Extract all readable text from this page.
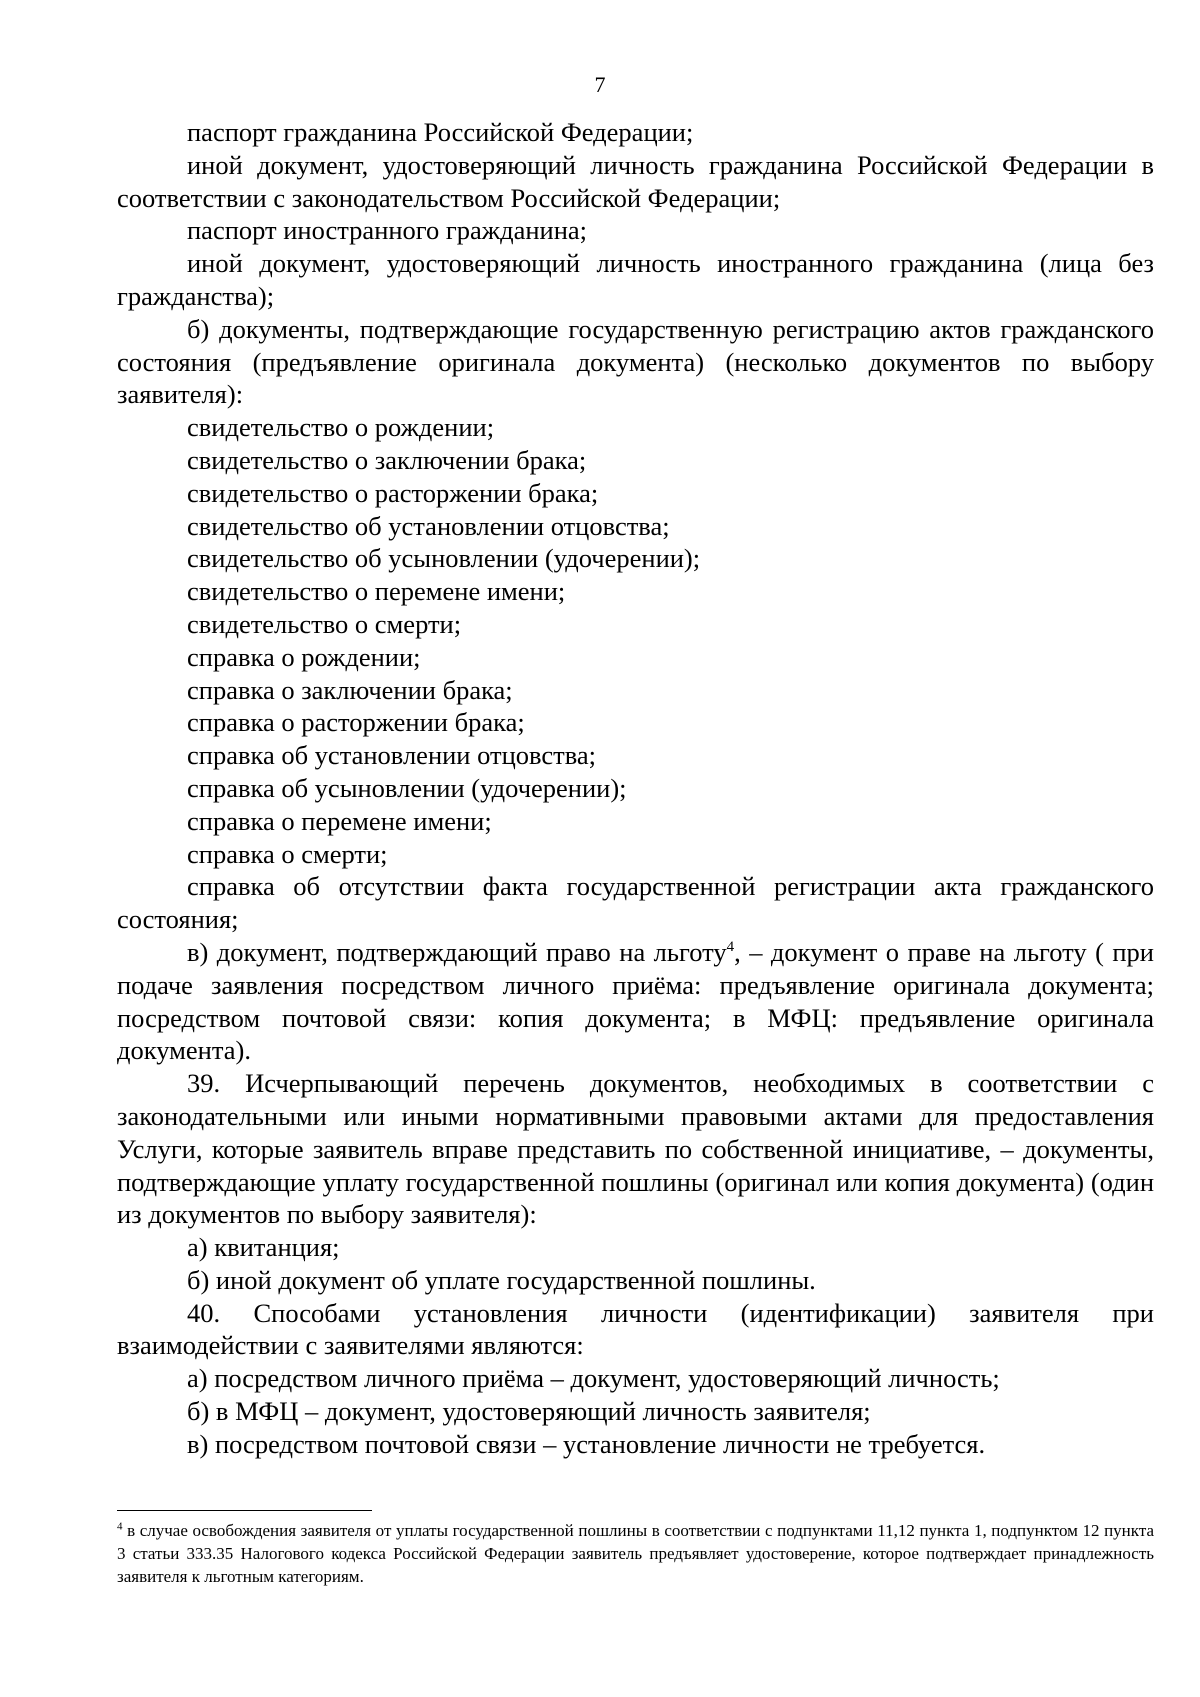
7

паспорт гражданина Российской Федерации;

иной документ, удостоверяющий личность гражданина Российской Федерации в соответствии с законодательством Российской Федерации;

паспорт иностранного гражданина;

иной документ, удостоверяющий личность иностранного гражданина (лица без гражданства);

б) документы, подтверждающие государственную регистрацию актов гражданского состояния (предъявление оригинала документа) (несколько документов по выбору заявителя):

свидетельство о рождении;

свидетельство о заключении брака;

свидетельство о расторжении брака;

свидетельство об установлении отцовства;

свидетельство об усыновлении (удочерении);

свидетельство о перемене имени;

свидетельство о смерти;

справка о рождении;

справка о заключении брака;

справка о расторжении брака;

справка об установлении отцовства;

справка об усыновлении (удочерении);

справка о перемене имени;

справка о смерти;

справка об отсутствии факта государственной регистрации акта гражданского состояния;

в) документ, подтверждающий право на льготу$^4$, – документ о праве на льготу ( при подаче заявления посредством личного приёма: предъявление оригинала документа; посредством почтовой связи: копия документа; в МФЦ: предъявление оригинала документа).

39. Исчерпывающий перечень документов, необходимых в соответствии с законодательными или иными нормативными правовыми актами для предоставления Услуги, которые заявитель вправе представить по собственной инициативе, – документы, подтверждающие уплату государственной пошлины (оригинал или копия документа) (один из документов по выбору заявителя):

а) квитанция;

б) иной документ об уплате государственной пошлины.

40. Способами установления личности (идентификации) заявителя при взаимодействии с заявителями являются:

а) посредством личного приёма – документ, удостоверяющий личность;

б) в МФЦ – документ, удостоверяющий личность заявителя;

в) посредством почтовой связи – установление личности не требуется.

$^4$ в случае освобождения заявителя от уплаты государственной пошлины в соответствии с подпунктами 11,12 пункта 1, подпунктом 12 пункта 3 статьи 333.35 Налогового кодекса Российской Федерации заявитель предъявляет удостоверение, которое подтверждает принадлежность заявителя к льготным категориям.
